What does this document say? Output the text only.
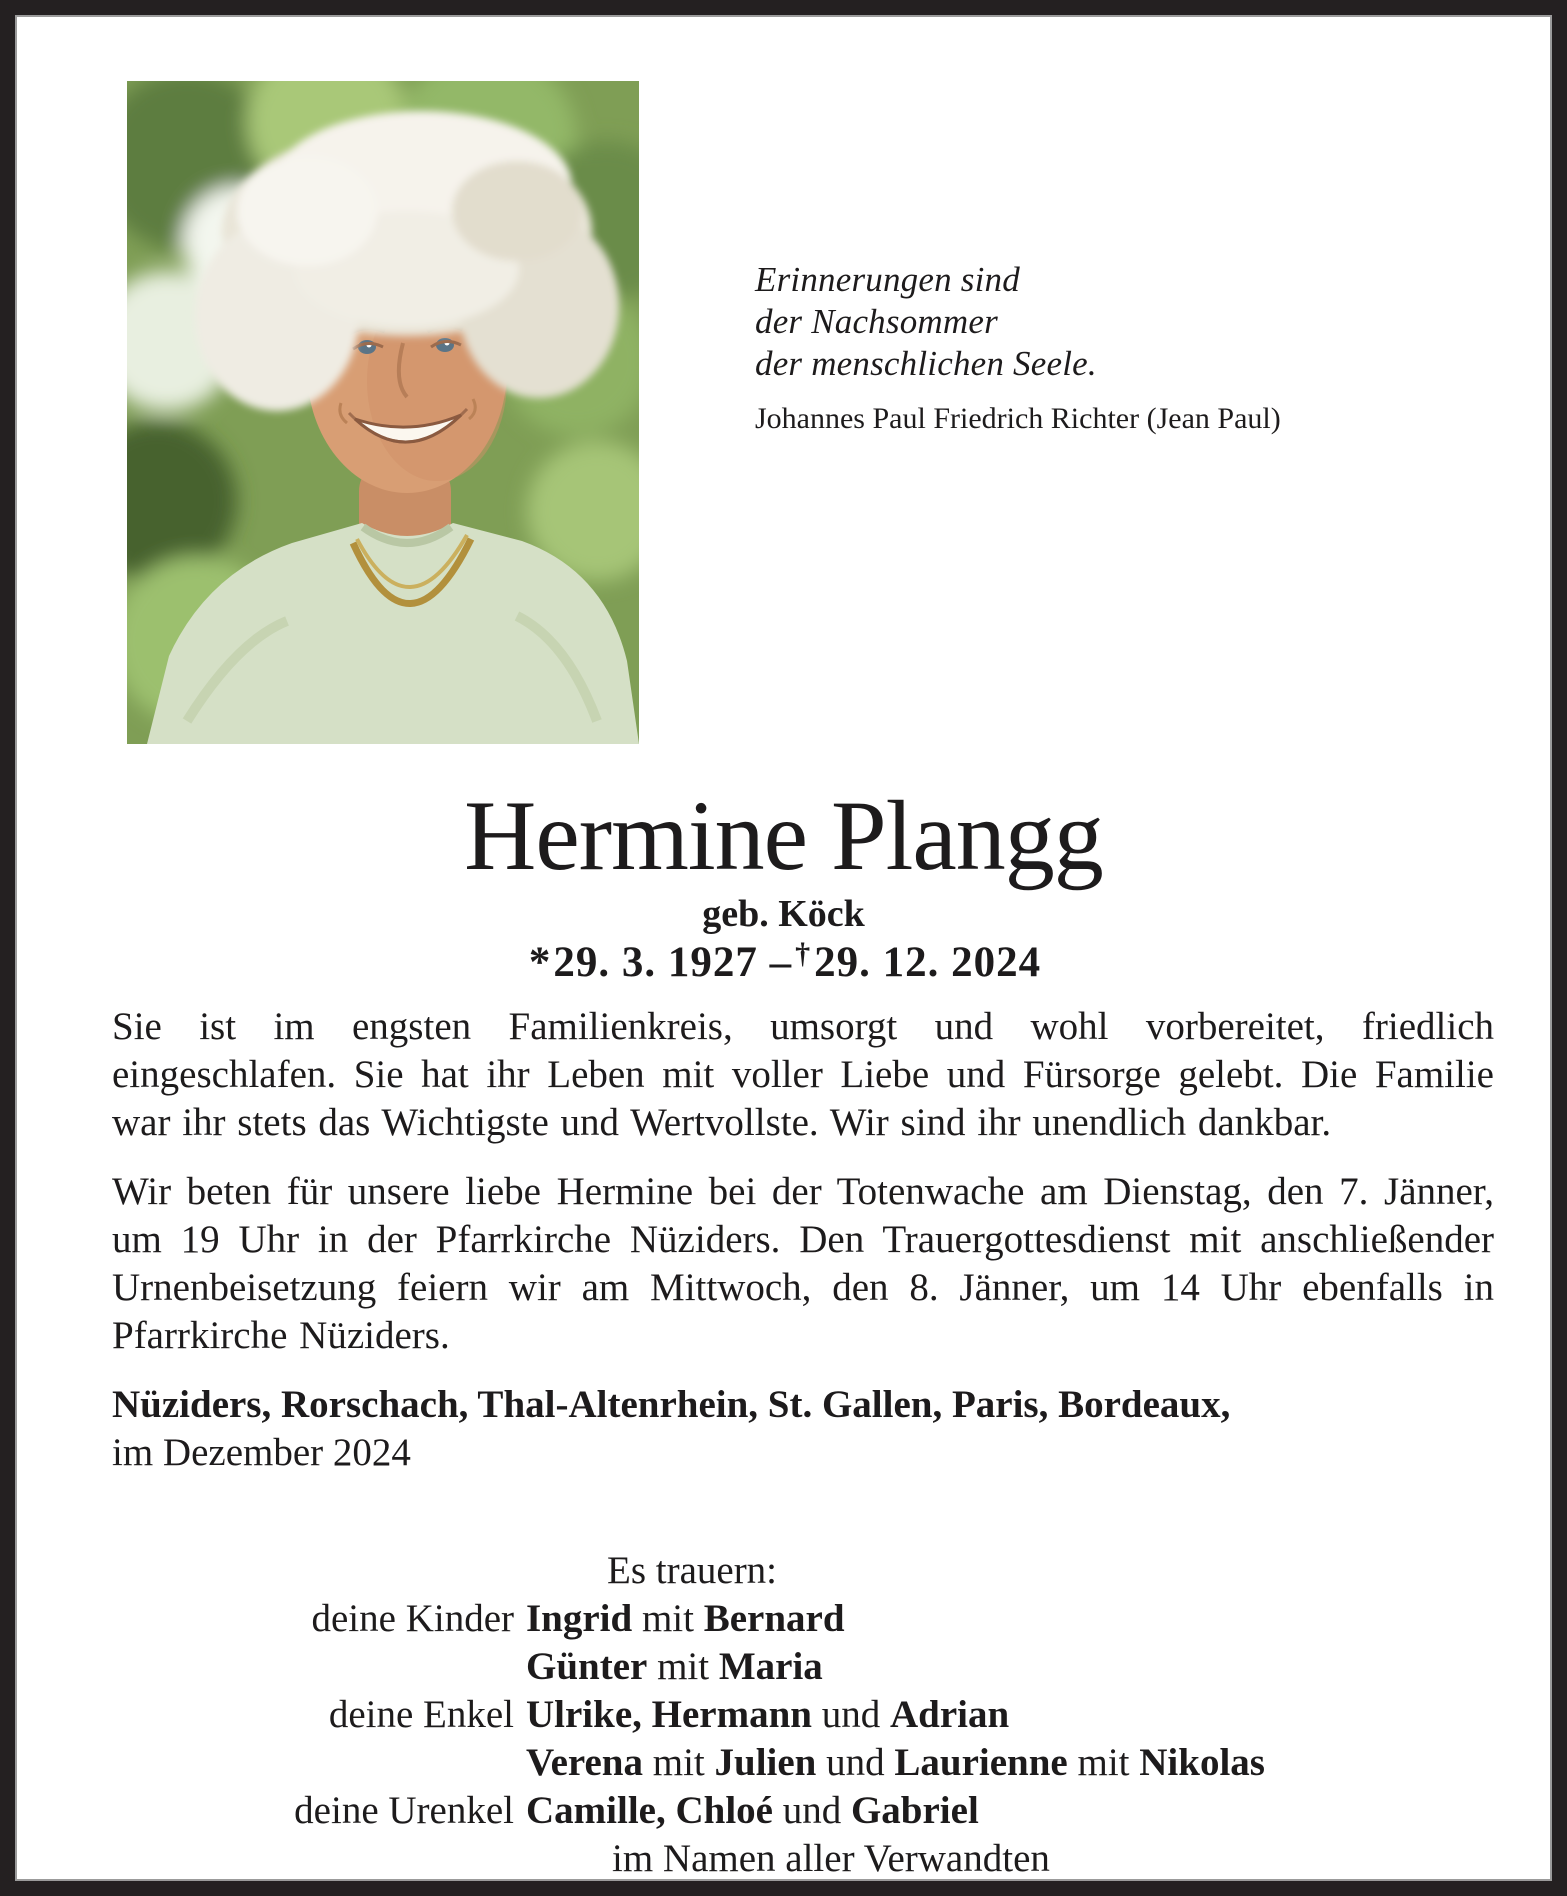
Erinnerungen sind
der Nachsommer
der menschlichen Seele.
Johannes Paul Friedrich Richter (Jean Paul)
Hermine Plangg
geb. Köck
*29. 3. 1927 –†29. 12. 2024

Sie ist im engsten Familienkreis, umsorgt und wohl vorbereitet, friedlich eingeschlafen. Sie hat ihr Leben mit voller Liebe und Fürsorge gelebt. Die Familie war ihr stets das Wichtigste und Wertvollste. Wir sind ihr unendlich dankbar.

Wir beten für unsere liebe Hermine bei der Totenwache am Dienstag, den 7. Jänner, um 19 Uhr in der Pfarrkirche Nüziders. Den Trauergottesdienst mit anschließender Urnenbeisetzung feiern wir am Mittwoch, den 8. Jänner, um 14 Uhr ebenfalls in Pfarrkirche Nüziders.

Nüziders, Rorschach, Thal-Altenrhein, St. Gallen, Paris, Bordeaux,
im Dezember 2024
Es trauern:
deine Kinder Ingrid mit Bernard
Günter mit Maria
deine Enkel Ulrike, Hermann und Adrian
Verena mit Julien und Laurienne mit Nikolas
deine Urenkel Camille, Chloé und Gabriel
im Namen aller Verwandten
